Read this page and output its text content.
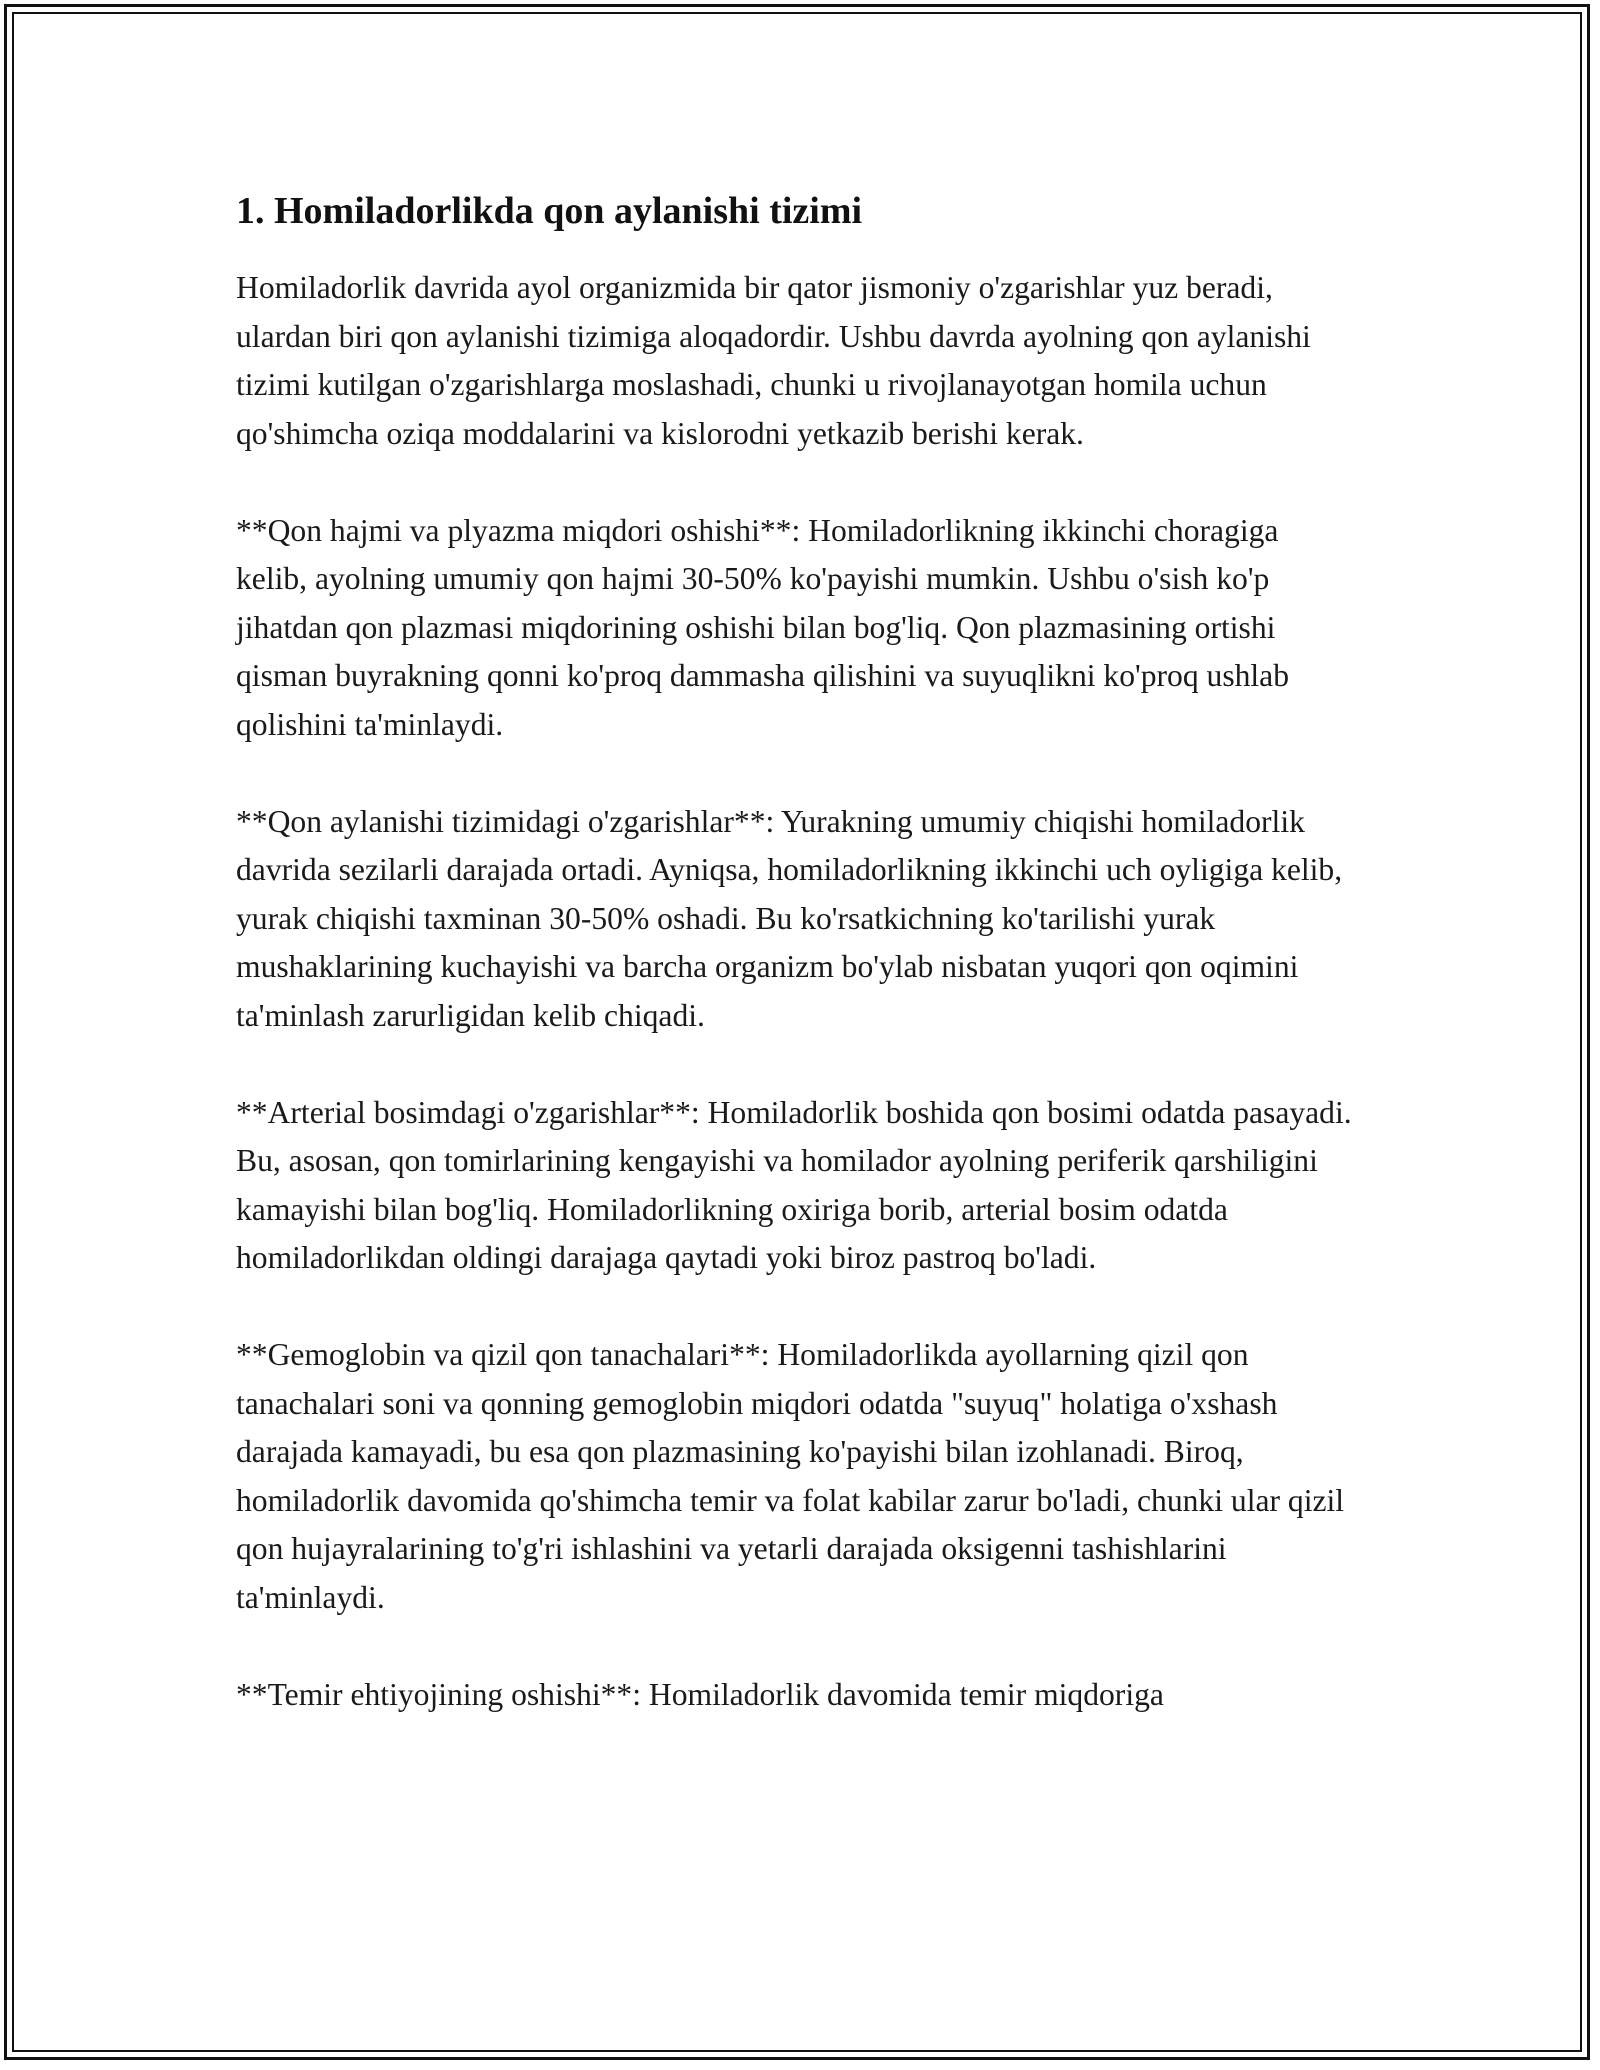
1. Homiladorlikda qon aylanishi tizimi

Homiladorlik davrida ayol organizmida bir qator jismoniy o'zgarishlar yuz beradi, ulardan biri qon aylanishi tizimiga aloqadordir. Ushbu davrda ayolning qon aylanishi tizimi kutilgan o'zgarishlarga moslashadi, chunki u rivojlanayotgan homila uchun qo'shimcha oziqa moddalarini va kislorodni yetkazib berishi kerak.

**Qon hajmi va plyazma miqdori oshishi**: Homiladorlikning ikkinchi choragiga kelib, ayolning umumiy qon hajmi 30-50% ko'payishi mumkin. Ushbu o'sish ko'p jihatdan qon plazmasi miqdorining oshishi bilan bog'liq. Qon plazmasining ortishi qisman buyrakning qonni ko'proq dammasha qilishini va suyuqlikni ko'proq ushlab qolishini ta'minlaydi.

**Qon aylanishi tizimidagi o'zgarishlar**: Yurakning umumiy chiqishi homiladorlik davrida sezilarli darajada ortadi. Ayniqsa, homiladorlikning ikkinchi uch oyligiga kelib, yurak chiqishi taxminan 30-50% oshadi. Bu ko'rsatkichning ko'tarilishi yurak mushaklarining kuchayishi va barcha organizm bo'ylab nisbatan yuqori qon oqimini ta'minlash zarurligidan kelib chiqadi.

**Arterial bosimdagi o'zgarishlar**: Homiladorlik boshida qon bosimi odatda pasayadi. Bu, asosan, qon tomirlarining kengayishi va homilador ayolning periferik qarshiligini kamayishi bilan bog'liq. Homiladorlikning oxiriga borib, arterial bosim odatda homiladorlikdan oldingi darajaga qaytadi yoki biroz pastroq bo'ladi.

**Gemoglobin va qizil qon tanachalari**: Homiladorlikda ayollarning qizil qon tanachalari soni va qonning gemoglobin miqdori odatda "suyuq" holatiga o'xshash darajada kamayadi, bu esa qon plazmasining ko'payishi bilan izohlanadi. Biroq, homiladorlik davomida qo'shimcha temir va folat kabilar zarur bo'ladi, chunki ular qizil qon hujayralarining to'g'ri ishlashini va yetarli darajada oksigenni tashishlarini ta'minlaydi.

**Temir ehtiyojining oshishi**: Homiladorlik davomida temir miqdoriga
